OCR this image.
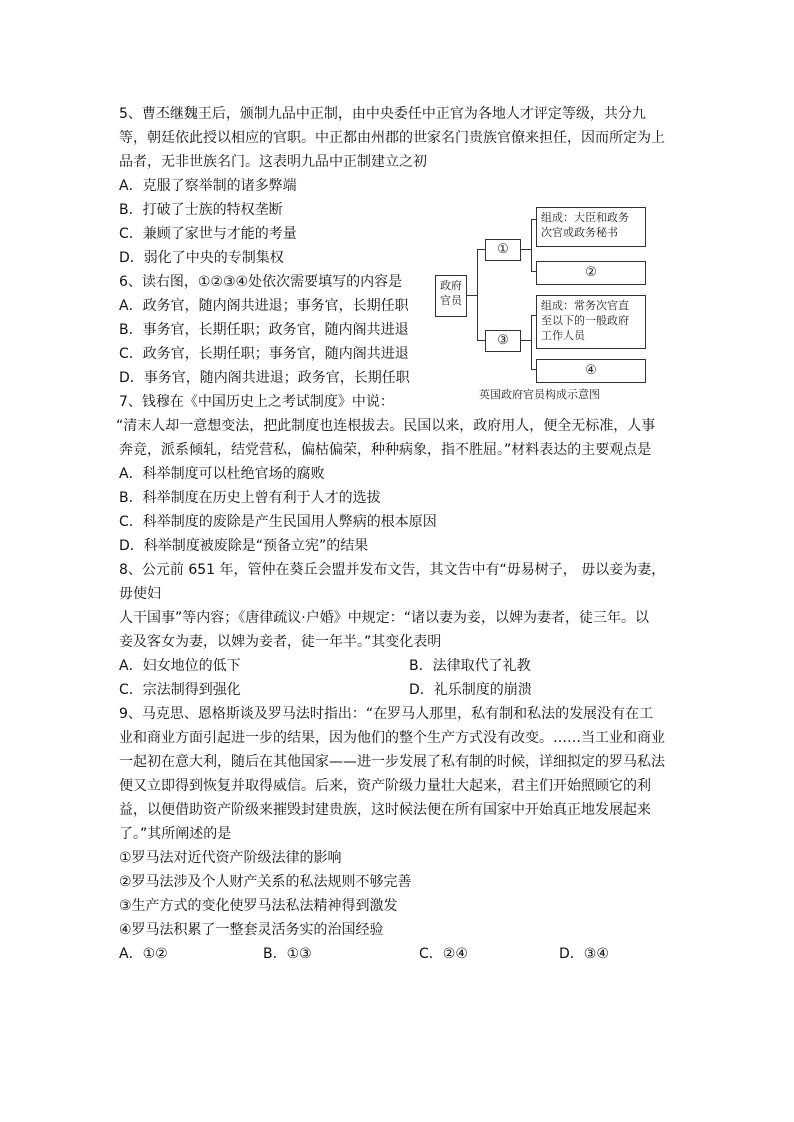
5、曹丕继魏王后，颁制九品中正制，由中央委任中正官为各地人才评定等级，共分九
等，朝廷依此授以相应的官职。中正都由州郡的世家名门贵族官僚来担任，因而所定为上
品者，无非世族名门。这表明九品中正制建立之初
A．克服了察举制的诸多弊端
B．打破了士族的特权垄断
C．兼顾了家世与才能的考量
D．弱化了中央的专制集权
6、读右图，①②③④处依次需要填写的内容是
A．政务官，随内阁共进退；事务官，长期任职
B．事务官，长期任职；政务官，随内阁共进退
C．政务官，长期任职；事务官，随内阁共进退
D．事务官，随内阁共进退；政务官，长期任职
政府
官员
①
组成：大臣和政务
次官或政务秘书
②
③
组成：常务次官直
至以下的一般政府
工作人员
④
英国政府官员构成示意图
7、钱穆在《中国历史上之考试制度》中说：
“清末人却一意想变法，把此制度也连根拔去。民国以来，政府用人，便全无标准，人事
奔竞，派系倾轧，结党营私，偏枯偏荣，种种病象，指不胜屈。”材料表达的主要观点是
A．科举制度可以杜绝官场的腐败
B．科举制度在历史上曾有利于人才的选拔
C．科举制度的废除是产生民国用人弊病的根本原因
D．科举制度被废除是“预备立宪”的结果
8、公元前 651 年，管仲在葵丘会盟并发布文告，其文告中有“毋易树子， 毋以妾为妻，
毋使妇
人干国事”等内容；《唐律疏议·户婚》中规定：“诸以妻为妾，以婢为妻者，徒三年。以
妾及客女为妻，以婢为妾者，徒一年半。”其变化表明
A．妇女地位的低下	B．法律取代了礼教
C．宗法制得到强化	D．礼乐制度的崩溃
9、马克思、恩格斯谈及罗马法时指出：“在罗马人那里，私有制和私法的发展没有在工
业和商业方面引起进一步的结果，因为他们的整个生产方式没有改变。……当工业和商业
一起初在意大利，随后在其他国家——进一步发展了私有制的时候，详细拟定的罗马私法
便又立即得到恢复并取得威信。后来，资产阶级力量壮大起来，君主们开始照顾它的利
益，以便借助资产阶级来摧毁封建贵族，这时候法便在所有国家中开始真正地发展起来
了。”其所阐述的是
①罗马法对近代资产阶级法律的影响
②罗马法涉及个人财产关系的私法规则不够完善
③生产方式的变化使罗马法私法精神得到激发
④罗马法积累了一整套灵活务实的治国经验
A．①②	B．①③	C．②④	D．③④
